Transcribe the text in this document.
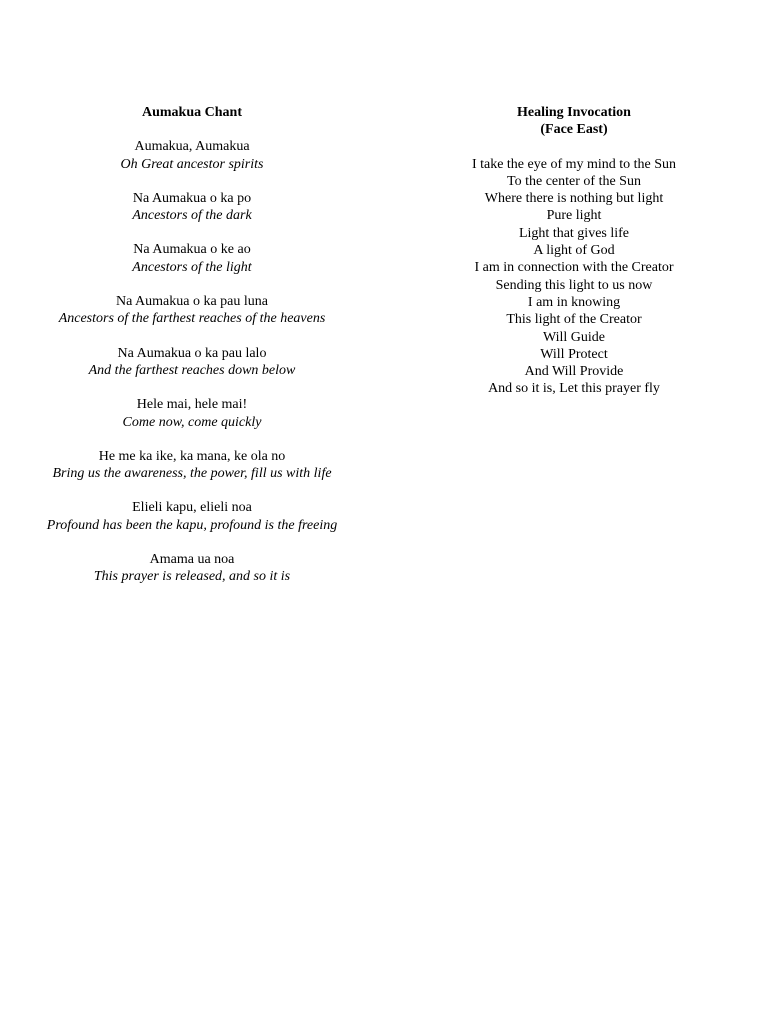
Aumakua Chant
Aumakua, Aumakua
Oh Great ancestor spirits
Na Aumakua o ka po
Ancestors of the dark
Na Aumakua o ke ao
Ancestors of the light
Na Aumakua o ka pau luna
Ancestors of the farthest reaches of the heavens
Na Aumakua o ka pau lalo
And the farthest reaches down below
Hele mai, hele mai!
Come now, come quickly
He me ka ike, ka mana, ke ola no
Bring us the awareness, the power, fill us with life
Elieli kapu, elieli noa
Profound has been the kapu, profound is the freeing
Amama ua noa
This prayer is released, and so it is
Healing Invocation
(Face East)
I take the eye of my mind to the Sun
To the center of the Sun
Where there is nothing but light
Pure light
Light that gives life
A light of God
I am in connection with the Creator
Sending this light to us now
I am in knowing
This light of the Creator
Will Guide
Will Protect
And Will Provide
And so it is, Let this prayer fly
